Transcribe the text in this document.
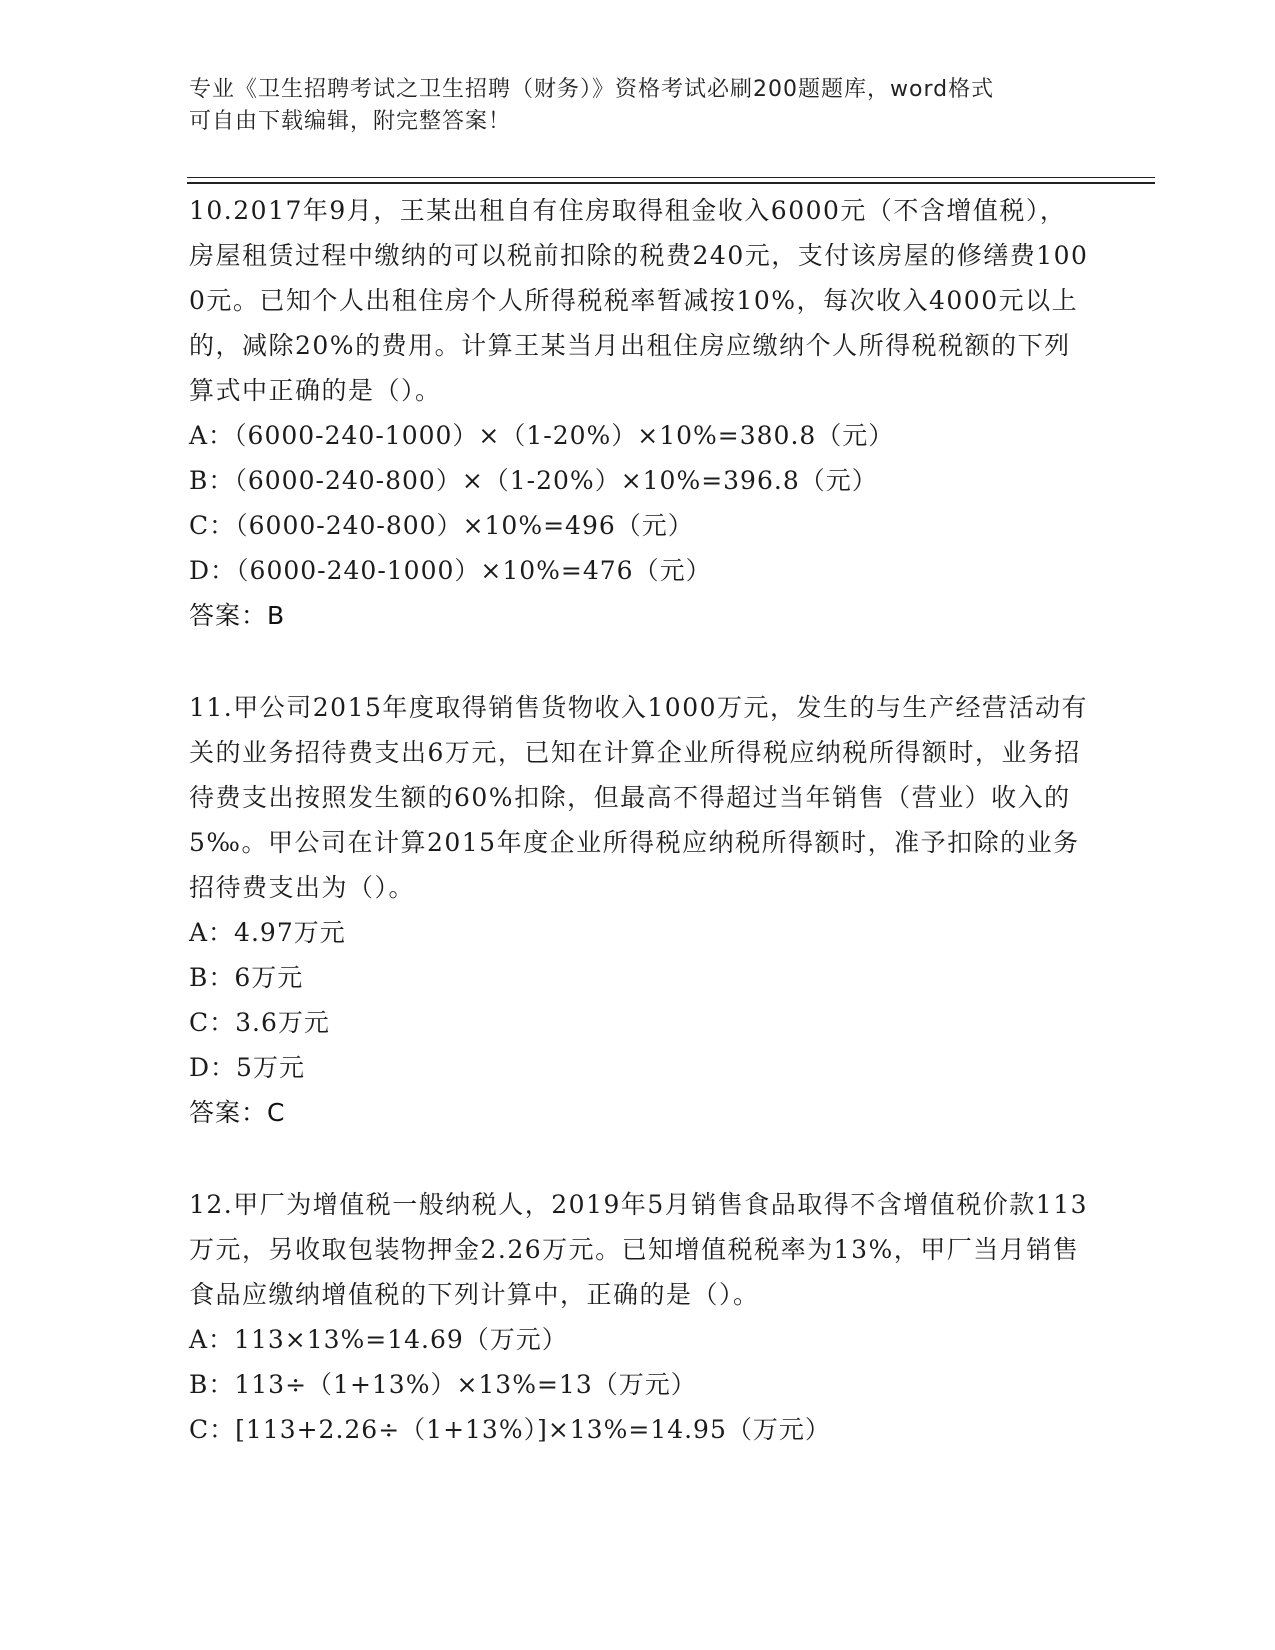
专业《卫生招聘考试之卫生招聘（财务）》资格考试必刷200题题库，word格式
可自由下载编辑，附完整答案！
10.2017年9月，王某出租自有住房取得租金收入6000元（不含增值税），房屋租赁过程中缴纳的可以税前扣除的税费240元，支付该房屋的修缮费1000元。已知个人出租住房个人所得税税率暂减按10%，每次收入4000元以上的，减除20%的费用。计算王某当月出租住房应缴纳个人所得税税额的下列算式中正确的是（）。
A：（6000-240-1000）×（1-20%）×10%=380.8（元）
B：（6000-240-800）×（1-20%）×10%=396.8（元）
C：（6000-240-800）×10%=496（元）
D：（6000-240-1000）×10%=476（元）
答案：B
11.甲公司2015年度取得销售货物收入1000万元，发生的与生产经营活动有关的业务招待费支出6万元，已知在计算企业所得税应纳税所得额时，业务招待费支出按照发生额的60%扣除，但最高不得超过当年销售（营业）收入的5‰。甲公司在计算2015年度企业所得税应纳税所得额时，准予扣除的业务招待费支出为（）。
A：4.97万元
B：6万元
C：3.6万元
D：5万元
答案：C
12.甲厂为增值税一般纳税人，2019年5月销售食品取得不含增值税价款113万元，另收取包装物押金2.26万元。已知增值税税率为13%，甲厂当月销售食品应缴纳增值税的下列计算中，正确的是（）。
A：113×13%=14.69（万元）
B：113÷（1+13%）×13%=13（万元）
C：[113+2.26÷（1+13%）]×13%=14.95（万元）
